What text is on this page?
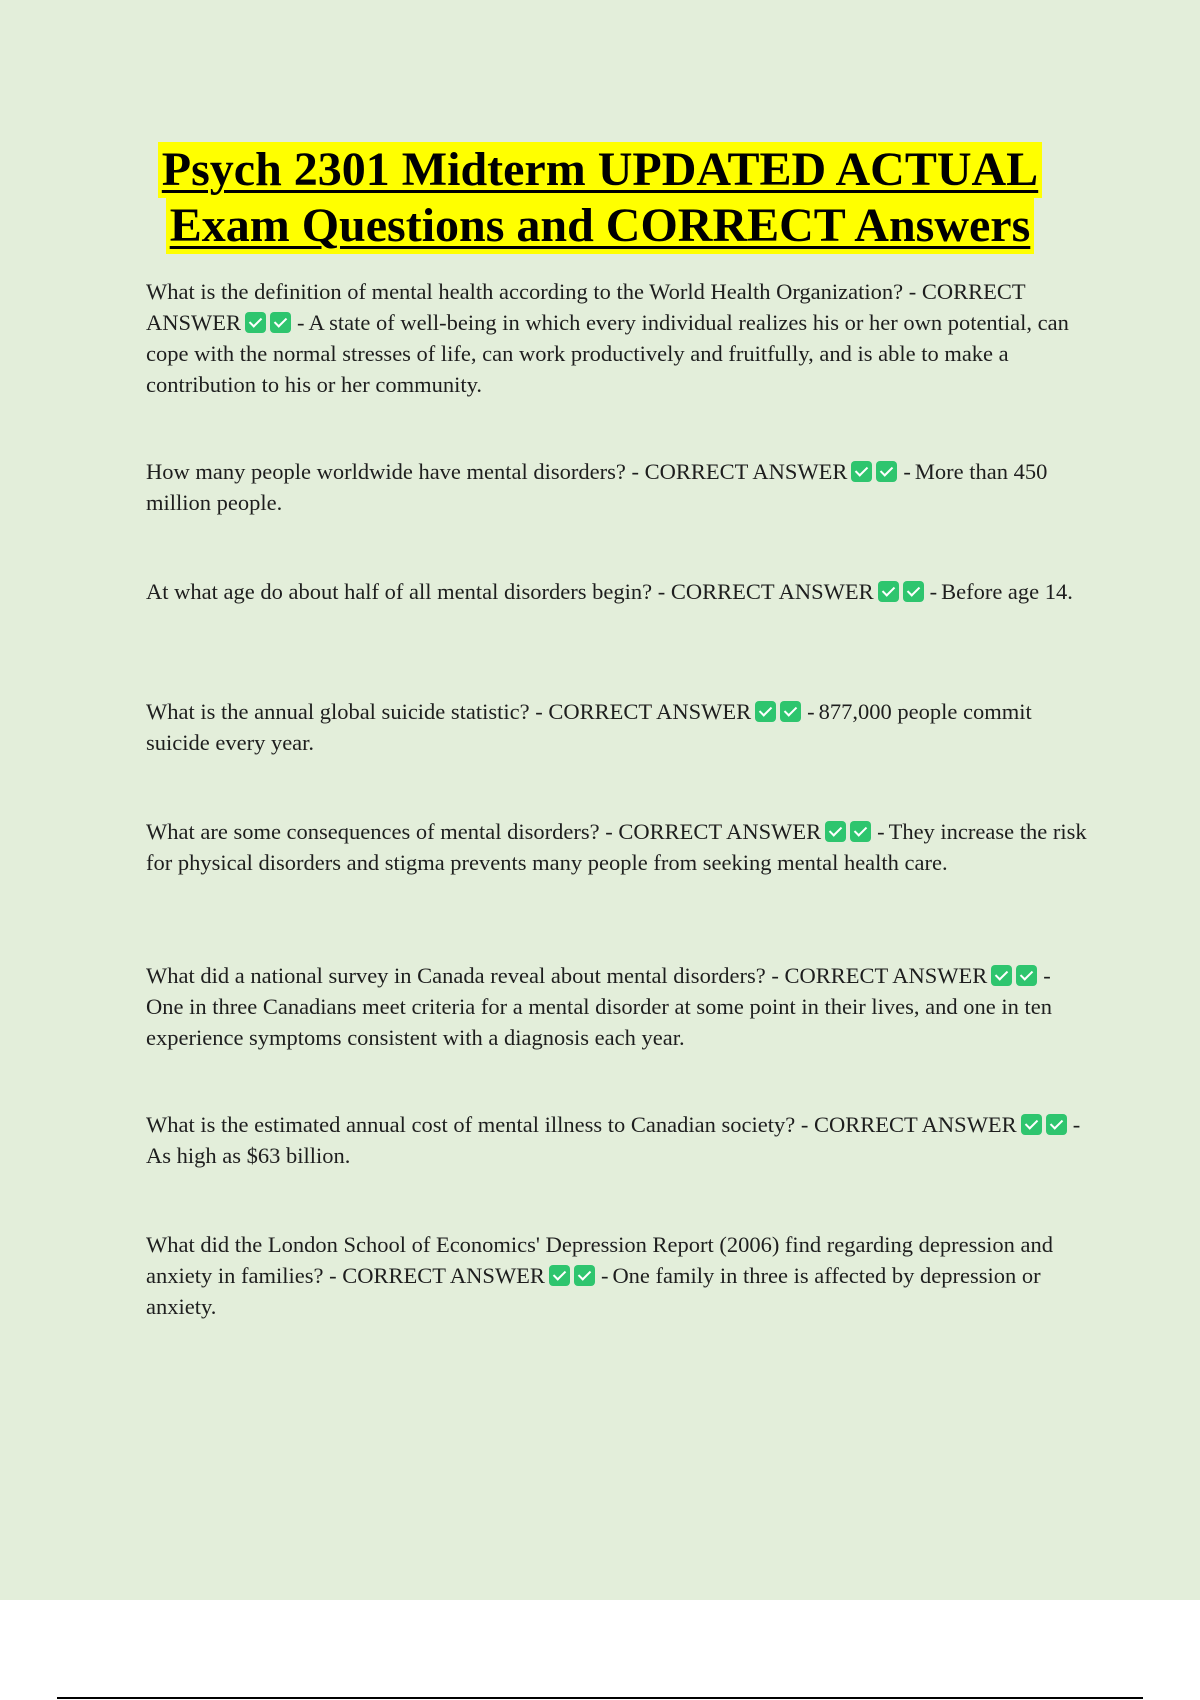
Psych 2301 Midterm UPDATED ACTUAL
Exam Questions and CORRECT Answers
What is the definition of mental health according to the World Health Organization? - CORRECT ANSWER - A state of well-being in which every individual realizes his or her own potential, can cope with the normal stresses of life, can work productively and fruitfully, and is able to make a contribution to his or her community.
How many people worldwide have mental disorders? - CORRECT ANSWER - More than 450 million people.
At what age do about half of all mental disorders begin? - CORRECT ANSWER - Before age 14.
What is the annual global suicide statistic? - CORRECT ANSWER - 877,000 people commit suicide every year.
What are some consequences of mental disorders? - CORRECT ANSWER - They increase the risk for physical disorders and stigma prevents many people from seeking mental health care.
What did a national survey in Canada reveal about mental disorders? - CORRECT ANSWER -One in three Canadians meet criteria for a mental disorder at some point in their lives, and one in ten experience symptoms consistent with a diagnosis each year.
What is the estimated annual cost of mental illness to Canadian society? - CORRECT ANSWER -As high as $63 billion.
What did the London School of Economics' Depression Report (2006) find regarding depression and anxiety in families? - CORRECT ANSWER - One family in three is affected by depression or anxiety.
